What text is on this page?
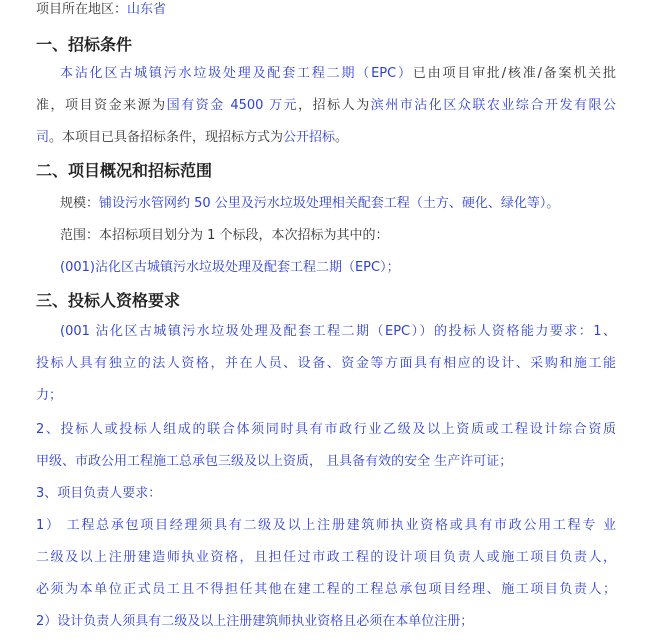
项目所在地区：山东省
一、招标条件
本沾化区古城镇污水垃圾处理及配套工程二期（EPC）已由项目审批/核准/备案机关批
准，项目资金来源为国有资金 4500 万元，招标人为滨州市沾化区众联农业综合开发有限公
司。本项目已具备招标条件，现招标方式为公开招标。
二、项目概况和招标范围
规模：铺设污水管网约 50 公里及污水垃圾处理相关配套工程（土方、硬化、绿化等）。
范围：本招标项目划分为 1 个标段，本次招标为其中的：
(001)沾化区古城镇污水垃圾处理及配套工程二期（EPC）；
三、投标人资格要求
(001 沾化区古城镇污水垃圾处理及配套工程二期（EPC））的投标人资格能力要求：1、
投标人具有独立的法人资格，并在人员、设备、资金等方面具有相应的设计、采购和施工能
力；
2、投标人或投标人组成的联合体须同时具有市政行业乙级及以上资质或工程设计综合资质
甲级、市政公用工程施工总承包三级及以上资质， 且具备有效的安全 生产许可证；
3、项目负责人要求：
1） 工程总承包项目经理须具有二级及以上注册建筑师执业资格或具有市政公用工程专 业
二级及以上注册建造师执业资格，且担任过市政工程的设计项目负责人或施工项目负责人，
必须为本单位正式员工且不得担任其他在建工程的工程总承包项目经理、施工项目负责人；
2）设计负责人须具有二级及以上注册建筑师执业资格且必须在本单位注册；
